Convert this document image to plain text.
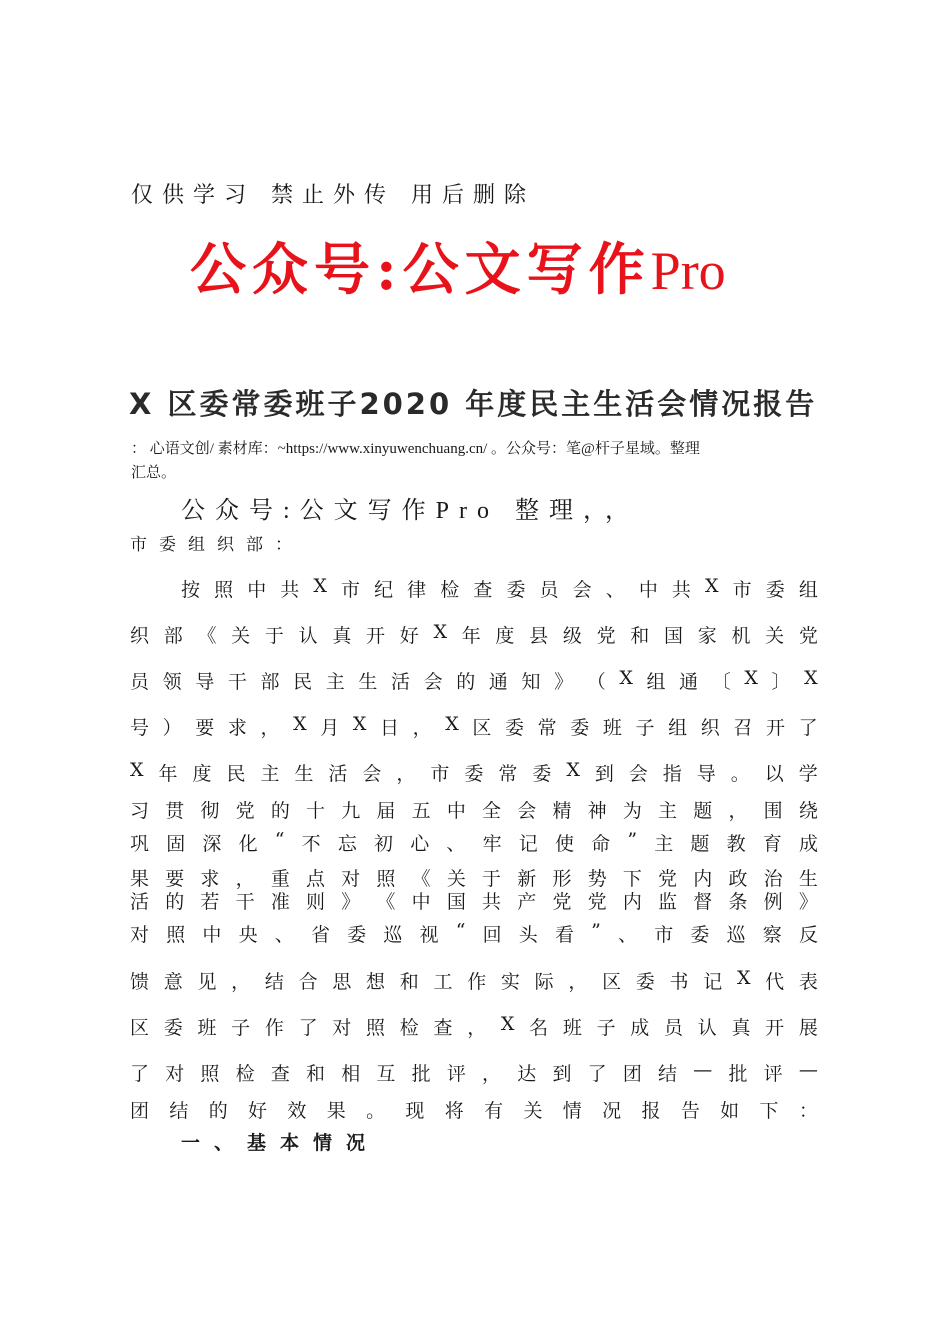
仅供学习 禁止外传 用后删除
公众号:公文写作Pro
X 区委常委班子2020 年度民主生活会情况报告
： 心语文创/ 素材库：~https://www.xinyuwenchuang.cn/ 。公众号：笔@杆子星域。整理
汇总。
公众号:公文写作Pro 整理，，
市委组织部：
按 照 中 共 X 市 纪 律 检 查 委 员 会 、 中 共 X 市 委 组
织 部 《 关 于 认 真 开 好 X 年 度 县 级 党 和 国 家 机 关 党
员 领 导 干 部 民 主 生 活 会 的 通 知 》 （ X 组 通 〔 X 〕 X
号 ） 要 求 ， X 月 X 日 ， X 区 委 常 委 班 子 组 织 召 开 了
X 年 度 民 主 生 活 会 ， 市 委 常 委 X 到 会 指 导 。 以 学
习 贯 彻 党 的 十 九 届 五 中 全 会 精 神 为 主 题 ， 围 绕
巩 固 深 化 “ 不 忘 初 心 、 牢 记 使 命 ” 主 题 教 育 成
果 要 求 ， 重 点 对 照 《 关 于 新 形 势 下 党 内 政 治 生
活 的 若 干 准 则 》 《 中 国 共 产 党 党 内 监 督 条 例 》
对 照 中 央 、 省 委 巡 视 “ 回 头 看 ” 、 市 委 巡 察 反
馈 意 见 ， 结 合 思 想 和 工 作 实 际 ， 区 委 书 记 X 代 表
区 委 班 子 作 了 对 照 检 查 ， X 名 班 子 成 员 认 真 开 展
了 对 照 检 查 和 相 互 批 评 ， 达 到 了 团 结 — 批 评 —
团 结 的 好 效 果 。 现 将 有 关 情 况 报 告 如 下 ：
一、基本情况
